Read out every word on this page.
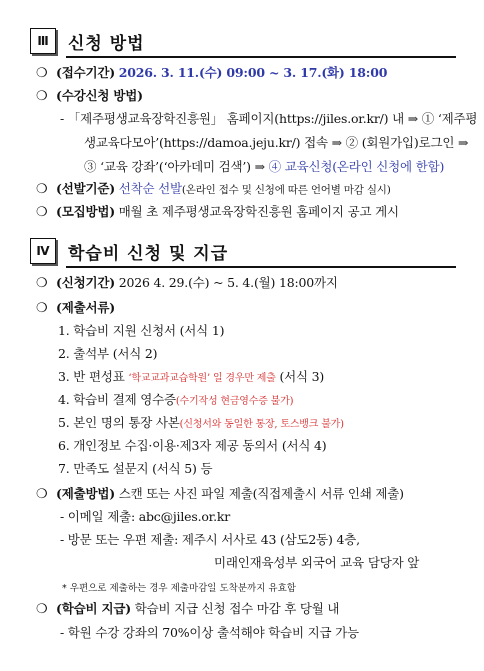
Ⅲ	신청 방법
❍ (접수기간) 2026. 3. 11.(수) 09:00 ~ 3. 17.(화) 18:00
❍ (수강신청 방법)
- 「제주평생교육장학진흥원」 홈페이지(https://jiles.or.kr/) 내 ⇒ ① ‘제주평
생교육다모아’(https://damoa.jeju.kr/) 접속 ⇒ ② (회원가입)로그인 ⇒
③ ‘교육 강좌’(‘아카데미 검색’) ⇒ ④ 교육신청(온라인 신청에 한함)
❍ (선발기준) 선착순 선발(온라인 접수 및 신청에 따른 언어별 마감 실시)
❍ (모집방법) 매월 초 제주평생교육장학진흥원 홈페이지 공고 게시
Ⅳ	학습비 신청 및 지급
❍ (신청기간) 2026 4. 29.(수) ~ 5. 4.(월) 18:00까지
❍ (제출서류)
1. 학습비 지원 신청서 (서식 1)
2. 출석부 (서식 2)
3. 반 편성표 ‘학교교과교습학원’ 일 경우만 제출 (서식 3)
4. 학습비 결제 영수증(수기작성 현금영수증 불가)
5. 본인 명의 통장 사본(신청서와 동일한 통장, 토스뱅크 불가)
6. 개인정보 수집·이용·제3자 제공 동의서 (서식 4)
7. 만족도 설문지 (서식 5) 등
❍ (제출방법) 스캔 또는 사진 파일 제출(직접제출시 서류 인쇄 제출)
- 이메일 제출: abc@jiles.or.kr
- 방문 또는 우편 제출: 제주시 서사로 43 (삼도2동) 4층,
미래인재육성부 외국어 교육 담당자 앞
* 우편으로 제출하는 경우 제출마감일 도착분까지 유효함
❍ (학습비 지급) 학습비 지급 신청 접수 마감 후 당월 내
- 학원 수강 강좌의 70%이상 출석해야 학습비 지급 가능
